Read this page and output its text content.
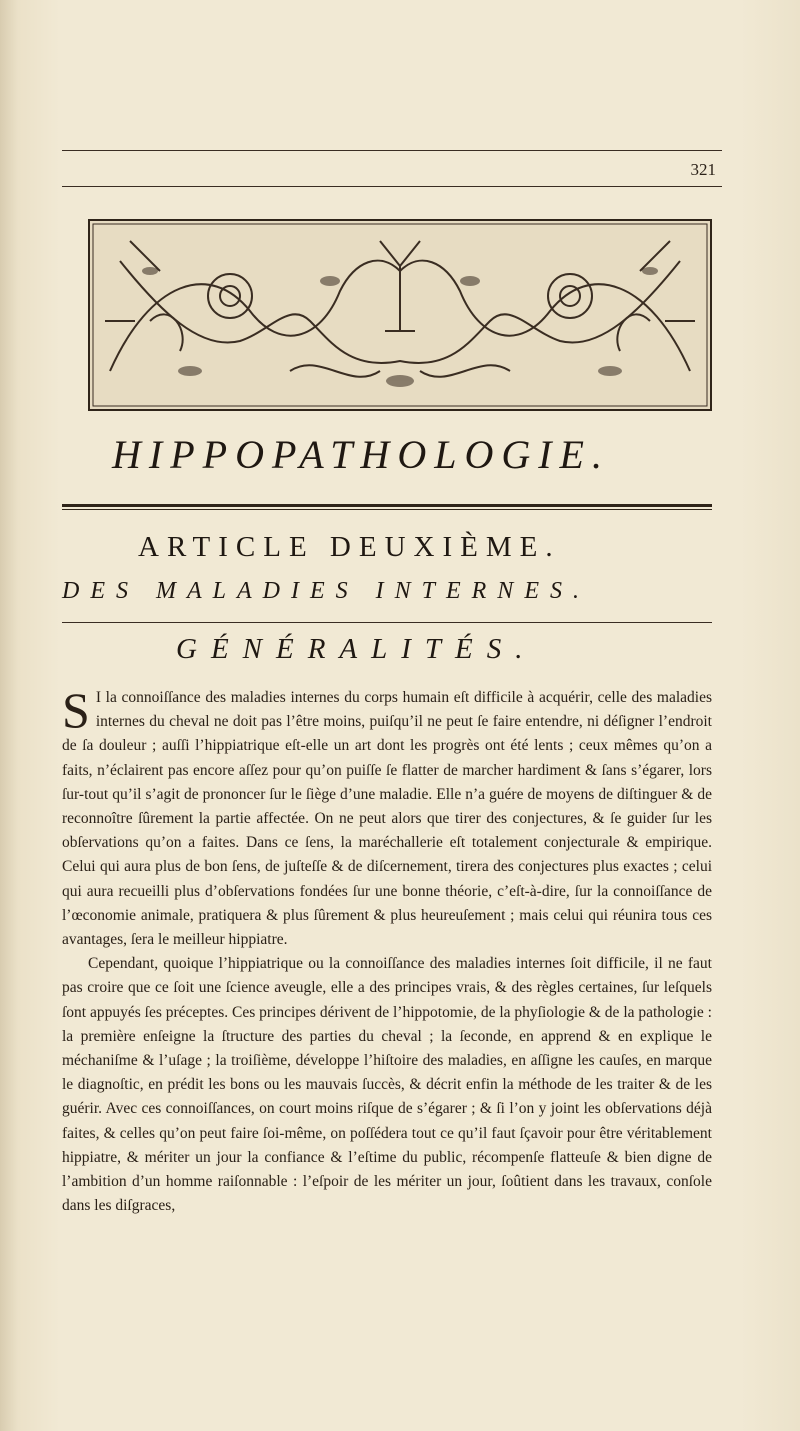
321
HIPPOPATHOLOGIE.
ARTICLE DEUXIÈME.
DES MALADIES INTERNES.
GÉNÉRALITÉS.

S I la connoiſſance des maladies internes du corps humain eſt difficile à acquérir, celle des maladies internes du cheval ne doit pas l’être moins, puiſqu’il ne peut ſe faire entendre, ni déſigner l’endroit de ſa douleur ; auſſi l’hippiatrique eſt-elle un art dont les progrès ont été lents ; ceux mêmes qu’on a faits, n’éclairent pas encore aſſez pour qu’on puiſſe ſe flatter de marcher hardiment & ſans s’égarer, lors ſur-tout qu’il s’agit de prononcer ſur le ſiège d’une maladie. Elle n’a guére de moyens de diſtinguer & de reconnoître ſûrement la partie affectée. On ne peut alors que tirer des conjectures, & ſe guider ſur les obſervations qu’on a faites. Dans ce ſens, la maréchallerie eſt totalement conjecturale & empirique. Celui qui aura plus de bon ſens, de juſteſſe & de diſcernement, tirera des conjectures plus exactes ; celui qui aura recueilli plus d’obſervations fondées ſur une bonne théorie, c’eſt-à-dire, ſur la connoiſſance de l’œconomie animale, pratiquera & plus ſûrement & plus heureuſement ; mais celui qui réunira tous ces avantages, ſera le meilleur hippiatre.

Cependant, quoique l’hippiatrique ou la connoiſſance des maladies internes ſoit difficile, il ne faut pas croire que ce ſoit une ſcience aveugle, elle a des principes vrais, & des règles certaines, ſur leſquels ſont appuyés ſes préceptes. Ces principes dérivent de l’hippotomie, de la phyſiologie & de la pathologie : la première enſeigne la ſtructure des parties du cheval ; la ſeconde, en apprend & en explique le méchaniſme & l’uſage ; la troiſième, développe l’hiſtoire des maladies, en aſſigne les cauſes, en marque le diagnoſtic, en prédit les bons ou les mauvais ſuccès, & décrit enfin la méthode de les traiter & de les guérir. Avec ces connoiſſances, on court moins riſque de s’égarer ; & ſi l’on y joint les obſervations déjà faites, & celles qu’on peut faire ſoi-même, on poſſédera tout ce qu’il faut ſçavoir pour être véritablement hippiatre, & mériter un jour la confiance & l’eſtime du public, récompenſe flatteuſe & bien digne de l’ambition d’un homme raiſonnable : l’eſpoir de les mériter un jour, ſoûtient dans les travaux, conſole dans les diſgraces,
